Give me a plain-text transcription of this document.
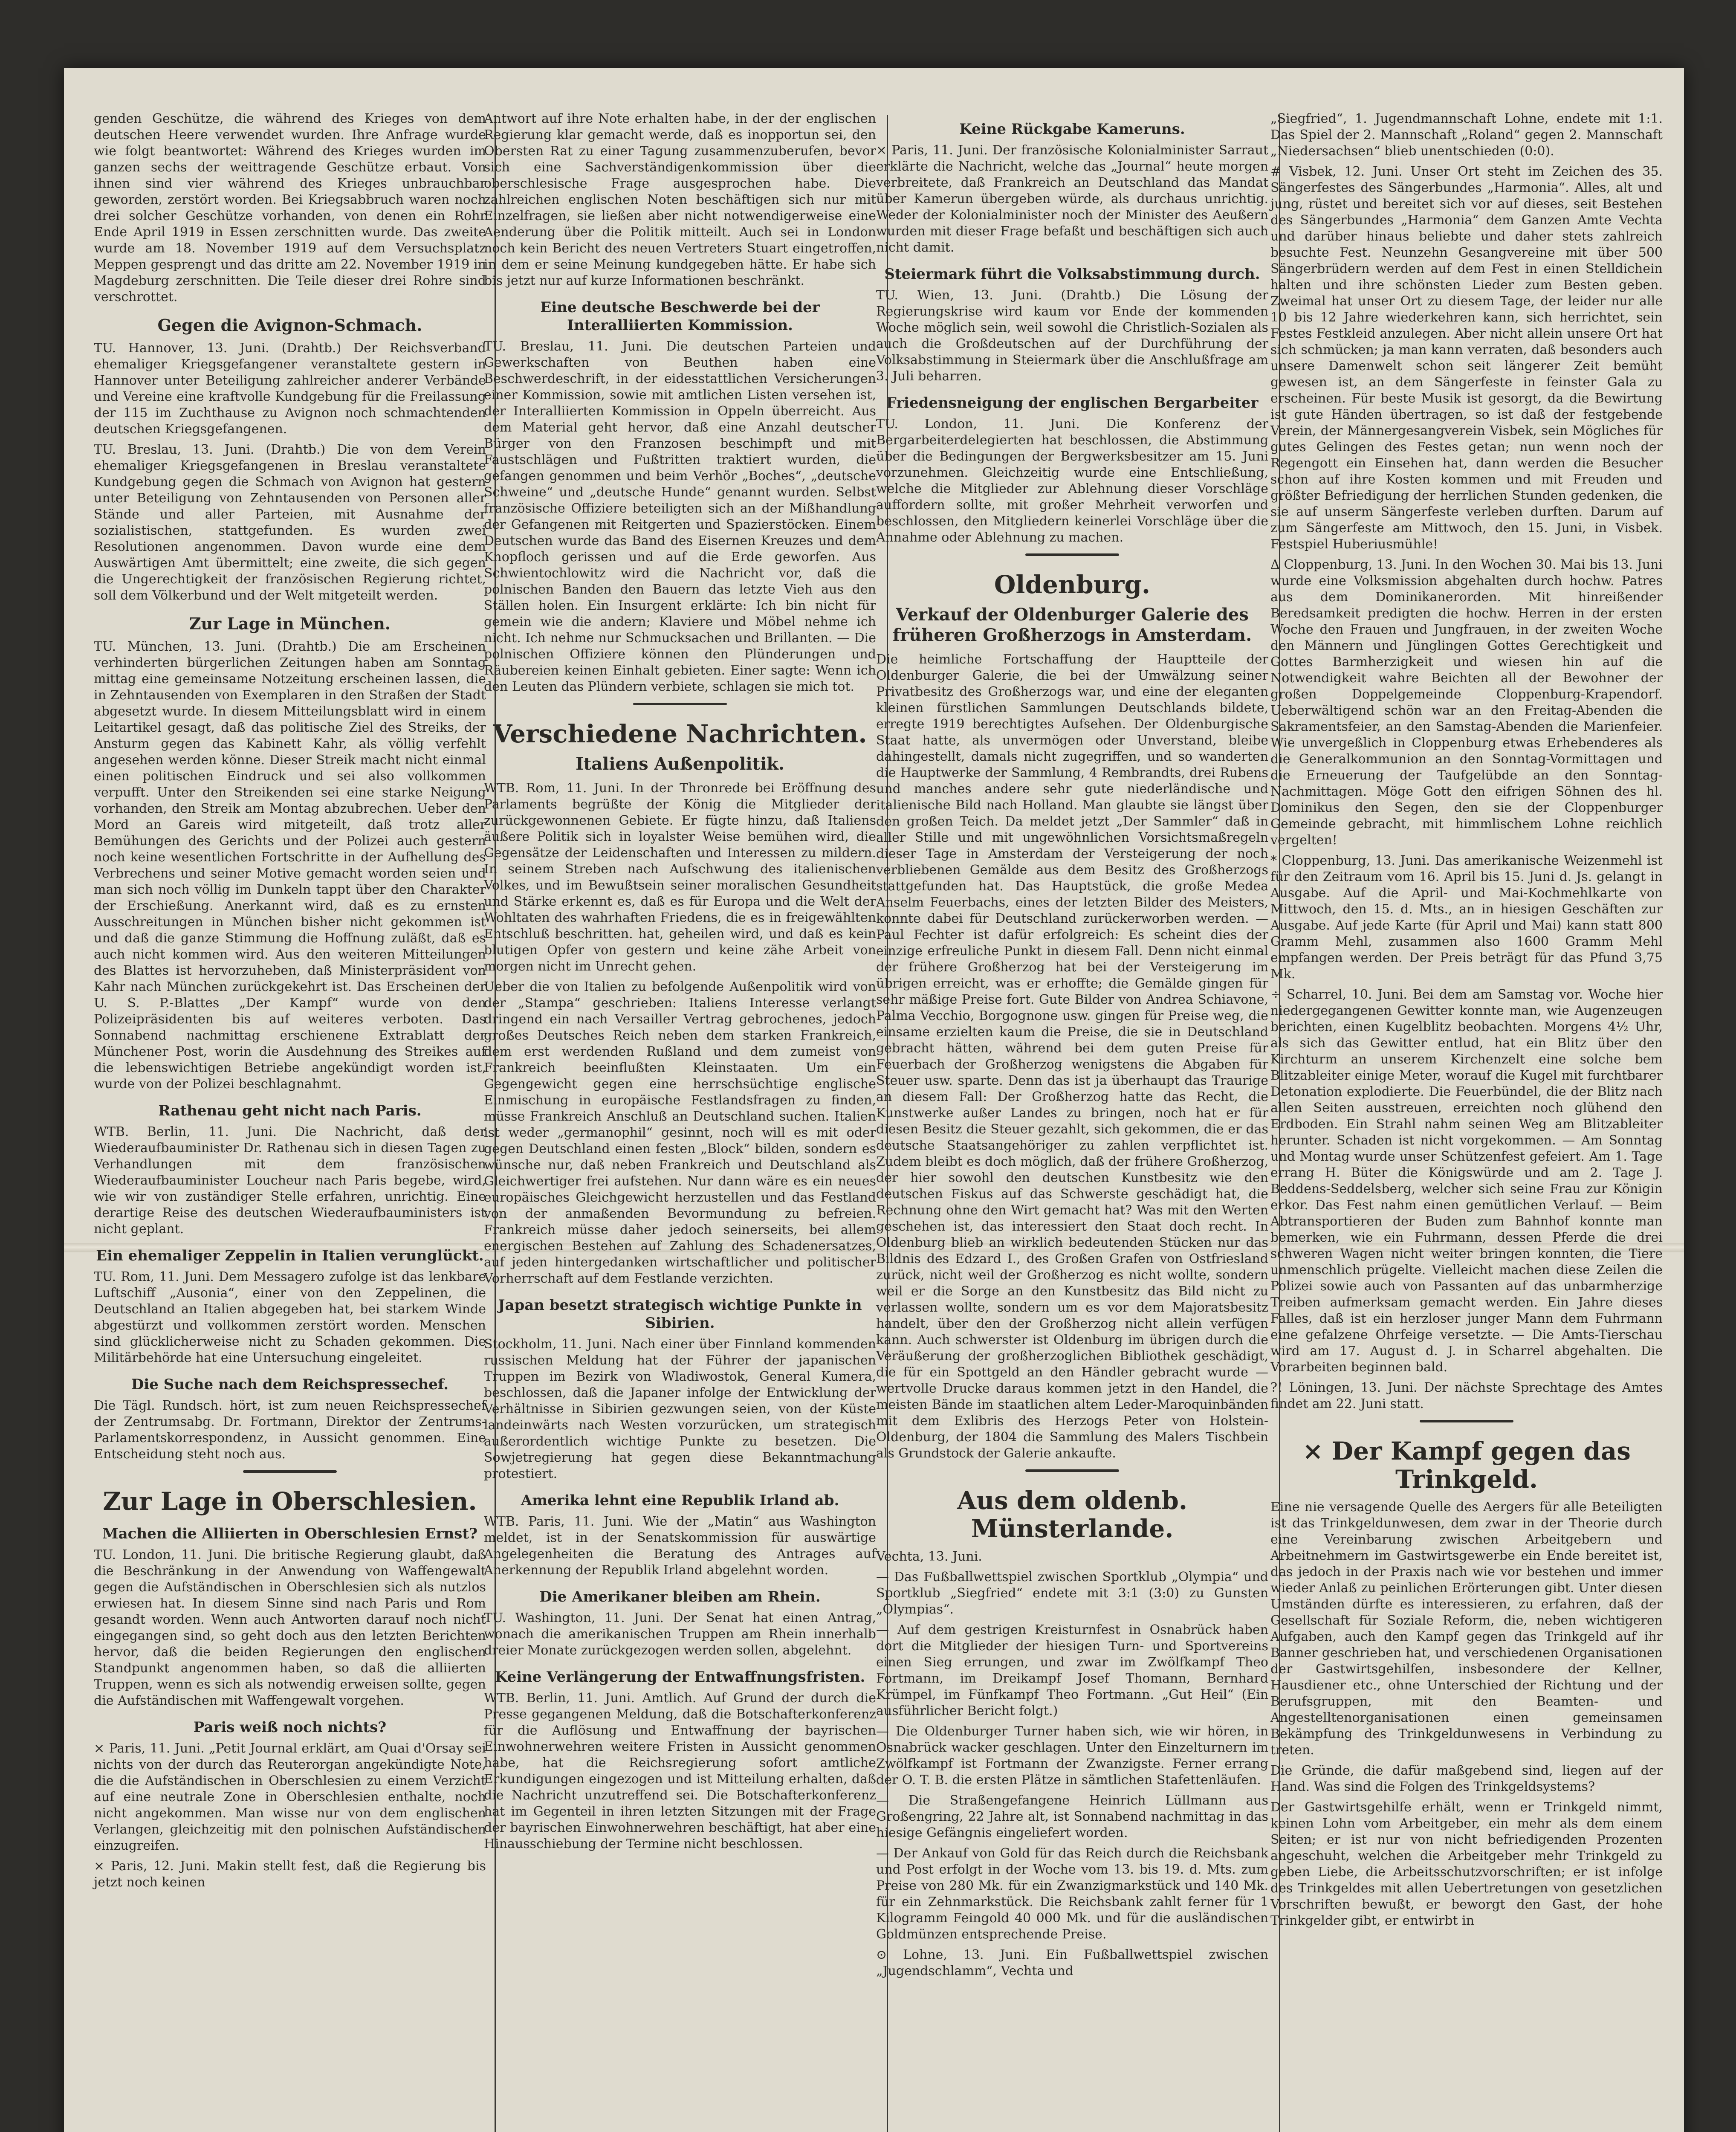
genden Geschütze, die während des Krieges von dem deutschen Heere verwendet wurden. Ihre Anfrage wurde wie folgt beantwortet: Während des Krieges wurden im ganzen sechs der weittragende Geschütze erbaut. Von ihnen sind vier während des Krieges unbrauchbar geworden, zerstört worden. Bei Kriegsabbruch waren noch drei solcher Geschütze vorhanden, von denen ein Rohr Ende April 1919 in Essen zerschnitten wurde. Das zweite wurde am 18. November 1919 auf dem Versuchsplatz Meppen gesprengt und das dritte am 22. November 1919 in Magdeburg zerschnitten. Die Teile dieser drei Rohre sind verschrottet.

Gegen die Avignon-Schmach.

TU. Hannover, 13. Juni. (Drahtb.) Der Reichsverband ehemaliger Kriegsgefangener veranstaltete gestern in Hannover unter Beteiligung zahlreicher anderer Verbände und Vereine eine kraftvolle Kundgebung für die Freilassung der 115 im Zuchthause zu Avignon noch schmachtenden deutschen Kriegsgefangenen.

TU. Breslau, 13. Juni. (Drahtb.) Die von dem Verein ehemaliger Kriegsgefangenen in Breslau veranstaltete Kundgebung gegen die Schmach von Avignon hat gestern unter Beteiligung von Zehntausenden von Personen aller Stände und aller Parteien, mit Ausnahme der sozialistischen, stattgefunden. Es wurden zwei Resolutionen angenommen. Davon wurde eine dem Auswärtigen Amt übermittelt; eine zweite, die sich gegen die Ungerechtigkeit der französischen Regierung richtet, soll dem Völkerbund und der Welt mitgeteilt werden.

Zur Lage in München.

TU. München, 13. Juni. (Drahtb.) Die am Erscheinen verhinderten bürgerlichen Zeitungen haben am Sonntag mittag eine gemeinsame Notzeitung erscheinen lassen, die in Zehntausenden von Exemplaren in den Straßen der Stadt abgesetzt wurde. In diesem Mitteilungsblatt wird in einem Leitartikel gesagt, daß das politische Ziel des Streiks, der Ansturm gegen das Kabinett Kahr, als völlig verfehlt angesehen werden könne. Dieser Streik macht nicht einmal einen politischen Eindruck und sei also vollkommen verpufft. Unter den Streikenden sei eine starke Neigung vorhanden, den Streik am Montag abzubrechen. Ueber den Mord an Gareis wird mitgeteilt, daß trotz aller Bemühungen des Gerichts und der Polizei auch gestern noch keine wesentlichen Fortschritte in der Aufhellung des Verbrechens und seiner Motive gemacht worden seien und man sich noch völlig im Dunkeln tappt über den Charakter der Erschießung. Anerkannt wird, daß es zu ernsten Ausschreitungen in München bisher nicht gekommen ist und daß die ganze Stimmung die Hoffnung zuläßt, daß es auch nicht kommen wird. Aus den weiteren Mitteilungen des Blattes ist hervorzuheben, daß Ministerpräsident von Kahr nach München zurückgekehrt ist. Das Erscheinen der U. S. P.-Blattes „Der Kampf“ wurde von den Polizeipräsidenten bis auf weiteres verboten. Das Sonnabend nachmittag erschienene Extrablatt der Münchener Post, worin die Ausdehnung des Streikes auf die lebenswichtigen Betriebe angekündigt worden ist, wurde von der Polizei beschlagnahmt.

Rathenau geht nicht nach Paris.

WTB. Berlin, 11. Juni. Die Nachricht, daß der Wiederaufbauminister Dr. Rathenau sich in diesen Tagen zu Verhandlungen mit dem französischen Wiederaufbauminister Loucheur nach Paris begebe, wird, wie wir von zuständiger Stelle erfahren, unrichtig. Eine derartige Reise des deutschen Wiederaufbauministers ist nicht geplant.

Ein ehemaliger Zeppelin in Italien verunglückt.

TU. Rom, 11. Juni. Dem Messagero zufolge ist das lenkbare Luftschiff „Ausonia“, einer von den Zeppelinen, die Deutschland an Italien abgegeben hat, bei starkem Winde abgestürzt und vollkommen zerstört worden. Menschen sind glücklicherweise nicht zu Schaden gekommen. Die Militärbehörde hat eine Untersuchung eingeleitet.

Die Suche nach dem Reichspressechef.

Die Tägl. Rundsch. hört, ist zum neuen Reichspressechef der Zentrumsabg. Dr. Fortmann, Direktor der Zentrums-Parlamentskorrespondenz, in Aussicht genommen. Eine Entscheidung steht noch aus.

Zur Lage in Oberschlesien.
Machen die Alliierten in Oberschlesien Ernst?

TU. London, 11. Juni. Die britische Regierung glaubt, daß die Beschränkung in der Anwendung von Waffengewalt gegen die Aufständischen in Oberschlesien sich als nutzlos erwiesen hat. In diesem Sinne sind nach Paris und Rom gesandt worden. Wenn auch Antworten darauf noch nicht eingegangen sind, so geht doch aus den letzten Berichten hervor, daß die beiden Regierungen den englischen Standpunkt angenommen haben, so daß die alliierten Truppen, wenn es sich als notwendig erweisen sollte, gegen die Aufständischen mit Waffengewalt vorgehen.

Paris weiß noch nichts?

× Paris, 11. Juni. „Petit Journal erklärt, am Quai d'Orsay sei nichts von der durch das Reuterorgan angekündigte Note, die die Aufständischen in Oberschlesien zu einem Verzicht auf eine neutrale Zone in Oberschlesien enthalte, noch nicht angekommen. Man wisse nur von dem englischen Verlangen, gleichzeitig mit den polnischen Aufständischen einzugreifen.

× Paris, 12. Juni. Makin stellt fest, daß die Regierung bis jetzt noch keinen

Antwort auf ihre Note erhalten habe, in der der englischen Regierung klar gemacht werde, daß es inopportun sei, den Obersten Rat zu einer Tagung zusammenzuberufen, bevor sich eine Sachverständigenkommission über die oberschlesische Frage ausgesprochen habe. Die zahlreichen englischen Noten beschäftigen sich nur mit Einzelfragen, sie ließen aber nicht notwendigerweise eine Aenderung über die Politik mitteilt. Auch sei in London noch kein Bericht des neuen Vertreters Stuart eingetroffen, in dem er seine Meinung kundgegeben hätte. Er habe sich bis jetzt nur auf kurze Informationen beschränkt.

Eine deutsche Beschwerde bei der Interalliierten Kommission.

TU. Breslau, 11. Juni. Die deutschen Parteien und Gewerkschaften von Beuthen haben eine Beschwerdeschrift, in der eidesstattlichen Versicherungen einer Kommission, sowie mit amtlichen Listen versehen ist, der Interalliierten Kommission in Oppeln überreicht. Aus dem Material geht hervor, daß eine Anzahl deutscher Bürger von den Franzosen beschimpft und mit Faustschlägen und Fußtritten traktiert wurden, die gefangen genommen und beim Verhör „Boches“, „deutsche Schweine“ und „deutsche Hunde“ genannt wurden. Selbst französische Offiziere beteiligten sich an der Mißhandlung der Gefangenen mit Reitgerten und Spazierstöcken. Einem Deutschen wurde das Band des Eisernen Kreuzes und dem Knopfloch gerissen und auf die Erde geworfen. Aus Schwientochlowitz wird die Nachricht vor, daß die polnischen Banden den Bauern das letzte Vieh aus den Ställen holen. Ein Insurgent erklärte: Ich bin nicht für gemein wie die andern; Klaviere und Möbel nehme ich nicht. Ich nehme nur Schmucksachen und Brillanten. — Die polnischen Offiziere können den Plünderungen und Räubereien keinen Einhalt gebieten. Einer sagte: Wenn ich den Leuten das Plündern verbiete, schlagen sie mich tot.

Verschiedene Nachrichten.
Italiens Außenpolitik.

WTB. Rom, 11. Juni. In der Thronrede bei Eröffnung des Parlaments begrüßte der König die Mitglieder der zurückgewonnenen Gebiete. Er fügte hinzu, daß Italiens äußere Politik sich in loyalster Weise bemühen wird, die Gegensätze der Leidenschaften und Interessen zu mildern. In seinem Streben nach Aufschwung des italienischen Volkes, und im Bewußtsein seiner moralischen Gesundheit und Stärke erkennt es, daß es für Europa und die Welt der Wohltaten des wahrhaften Friedens, die es in freigewählten Entschluß beschritten. hat, geheilen wird, und daß es kein blutigen Opfer von gestern und keine zähe Arbeit von morgen nicht im Unrecht gehen.

Ueber die von Italien zu befolgende Außenpolitik wird von der „Stampa“ geschrieben: Italiens Interesse verlangt dringend ein nach Versailler Vertrag gebrochenes, jedoch großes Deutsches Reich neben dem starken Frankreich, dem erst werdenden Rußland und dem zumeist von Frankreich beeinflußten Kleinstaaten. Um ein Gegengewicht gegen eine herrschsüchtige englische Einmischung in europäische Festlandsfragen zu finden, müsse Frankreich Anschluß an Deutschland suchen. Italien ist weder „germanophil“ gesinnt, noch will es mit oder gegen Deutschland einen festen „Block“ bilden, sondern es wünsche nur, daß neben Frankreich und Deutschland als Gleichwertiger frei aufstehen. Nur dann wäre es ein neues europäisches Gleichgewicht herzustellen und das Festland von der anmaßenden Bevormundung zu befreien. Frankreich müsse daher jedoch seinerseits, bei allem energischen Bestehen auf Zahlung des Schadenersatzes, auf jeden hintergedanken wirtschaftlicher und politischer Vorherrschaft auf dem Festlande verzichten.

Japan besetzt strategisch wichtige Punkte in Sibirien.

Stockholm, 11. Juni. Nach einer über Finnland kommenden russischen Meldung hat der Führer der japanischen Truppen im Bezirk von Wladiwostok, General Kumera, beschlossen, daß die Japaner infolge der Entwicklung der Verhältnisse in Sibirien gezwungen seien, von der Küste landeinwärts nach Westen vorzurücken, um strategisch außerordentlich wichtige Punkte zu besetzen. Die Sowjetregierung hat gegen diese Bekanntmachung protestiert.

Amerika lehnt eine Republik Irland ab.

WTB. Paris, 11. Juni. Wie der „Matin“ aus Washington meldet, ist in der Senatskommission für auswärtige Angelegenheiten die Beratung des Antrages auf Anerkennung der Republik Irland abgelehnt worden.

Die Amerikaner bleiben am Rhein.

TU. Washington, 11. Juni. Der Senat hat einen Antrag, wonach die amerikanischen Truppen am Rhein innerhalb dreier Monate zurückgezogen werden sollen, abgelehnt.

Keine Verlängerung der Entwaffnungsfristen.

WTB. Berlin, 11. Juni. Amtlich. Auf Grund der durch die Presse gegangenen Meldung, daß die Botschafterkonferenz für die Auflösung und Entwaffnung der bayrischen Einwohnerwehren weitere Fristen in Aussicht genommen habe, hat die Reichsregierung sofort amtliche Erkundigungen eingezogen und ist Mitteilung erhalten, daß die Nachricht unzutreffend sei. Die Botschafterkonferenz hat im Gegenteil in ihren letzten Sitzungen mit der Frage der bayrischen Einwohnerwehren beschäftigt, hat aber eine Hinausschiebung der Termine nicht beschlossen.

Keine Rückgabe Kameruns.

× Paris, 11. Juni. Der französische Kolonialminister Sarraut erklärte die Nachricht, welche das „Journal“ heute morgen verbreitete, daß Frankreich an Deutschland das Mandat über Kamerun übergeben würde, als durchaus unrichtig. Weder der Kolonialminister noch der Minister des Aeußern wurden mit dieser Frage befaßt und beschäftigen sich auch nicht damit.

Steiermark führt die Volksabstimmung durch.

TU. Wien, 13. Juni. (Drahtb.) Die Lösung der Regierungskrise wird kaum vor Ende der kommenden Woche möglich sein, weil sowohl die Christlich-Sozialen als auch die Großdeutschen auf der Durchführung der Volksabstimmung in Steiermark über die Anschlußfrage am 3. Juli beharren.

Friedensneigung der englischen Bergarbeiter

TU. London, 11. Juni. Die Konferenz der Bergarbeiterdelegierten hat beschlossen, die Abstimmung über die Bedingungen der Bergwerksbesitzer am 15. Juni vorzunehmen. Gleichzeitig wurde eine Entschließung, welche die Mitglieder zur Ablehnung dieser Vorschläge auffordern sollte, mit großer Mehrheit verworfen und beschlossen, den Mitgliedern keinerlei Vorschläge über die Annahme oder Ablehnung zu machen.

Oldenburg.
Verkauf der Oldenburger Galerie des früheren Großherzogs in Amsterdam.

Die heimliche Fortschaffung der Hauptteile der Oldenburger Galerie, die bei der Umwälzung seiner Privatbesitz des Großherzogs war, und eine der eleganten kleinen fürstlichen Sammlungen Deutschlands bildete, erregte 1919 berechtigtes Aufsehen. Der Oldenburgische Staat hatte, als unvermögen oder Unverstand, bleibe dahingestellt, damals nicht zugegriffen, und so wanderten die Hauptwerke der Sammlung, 4 Rembrandts, drei Rubens und manches andere sehr gute niederländische und italienische Bild nach Holland. Man glaubte sie längst über den großen Teich. Da meldet jetzt „Der Sammler“ daß in aller Stille und mit ungewöhnlichen Vorsichtsmaßregeln dieser Tage in Amsterdam der Versteigerung der noch verbliebenen Gemälde aus dem Besitz des Großherzogs stattgefunden hat. Das Hauptstück, die große Medea Anselm Feuerbachs, eines der letzten Bilder des Meisters, konnte dabei für Deutschland zurückerworben werden. — Paul Fechter ist dafür erfolgreich: Es scheint dies der einzige erfreuliche Punkt in diesem Fall. Denn nicht einmal der frühere Großherzog hat bei der Versteigerung im übrigen erreicht, was er erhoffte; die Gemälde gingen für sehr mäßige Preise fort. Gute Bilder von Andrea Schiavone, Palma Vecchio, Borgognone usw. gingen für Preise weg, die einsame erzielten kaum die Preise, die sie in Deutschland gebracht hätten, während bei dem guten Preise für Feuerbach der Großherzog wenigstens die Abgaben für Steuer usw. sparte. Denn das ist ja überhaupt das Traurige an diesem Fall: Der Großherzog hatte das Recht, die Kunstwerke außer Landes zu bringen, noch hat er für diesen Besitz die Steuer gezahlt, sich gekommen, die er das deutsche Staatsangehöriger zu zahlen verpflichtet ist. Zudem bleibt es doch möglich, daß der frühere Großherzog, der hier sowohl den deutschen Kunstbesitz wie den deutschen Fiskus auf das Schwerste geschädigt hat, die Rechnung ohne den Wirt gemacht hat? Was mit den Werten geschehen ist, das interessiert den Staat doch recht. In Oldenburg blieb an wirklich bedeutenden Stücken nur das Bildnis des Edzard I., des Großen Grafen von Ostfriesland zurück, nicht weil der Großherzog es nicht wollte, sondern weil er die Sorge an den Kunstbesitz das Bild nicht zu verlassen wollte, sondern um es vor dem Majoratsbesitz handelt, über den der Großherzog nicht allein verfügen kann. Auch schwerster ist Oldenburg im übrigen durch die Veräußerung der großherzoglichen Bibliothek geschädigt, die für ein Spottgeld an den Händler gebracht wurde — wertvolle Drucke daraus kommen jetzt in den Handel, die meisten Bände im staatlichen altem Leder-Maroquinbänden mit dem Exlibris des Herzogs Peter von Holstein-Oldenburg, der 1804 die Sammlung des Malers Tischbein als Grundstock der Galerie ankaufte.

Aus dem oldenb. Münsterlande.

Vechta, 13. Juni.

— Das Fußballwettspiel zwischen Sportklub „Olympia“ und Sportklub „Siegfried“ endete mit 3:1 (3:0) zu Gunsten „Olympias“.

— Auf dem gestrigen Kreisturnfest in Osnabrück haben dort die Mitglieder der hiesigen Turn- und Sportvereins einen Sieg errungen, und zwar im Zwölfkampf Theo Fortmann, im Dreikampf Josef Thomann, Bernhard Krümpel, im Fünfkampf Theo Fortmann. „Gut Heil“ (Ein ausführlicher Bericht folgt.)

— Die Oldenburger Turner haben sich, wie wir hören, in Osnabrück wacker geschlagen. Unter den Einzelturnern im Zwölfkampf ist Fortmann der Zwanzigste. Ferner errang der O. T. B. die ersten Plätze in sämtlichen Stafettenläufen.

— Die Straßengefangene Heinrich Lüllmann aus Großengring, 22 Jahre alt, ist Sonnabend nachmittag in das hiesige Gefängnis eingeliefert worden.

— Der Ankauf von Gold für das Reich durch die Reichsbank und Post erfolgt in der Woche vom 13. bis 19. d. Mts. zum Preise von 280 Mk. für ein Zwanzigmarkstück und 140 Mk. für ein Zehnmarkstück. Die Reichsbank zahlt ferner für 1 Kilogramm Feingold 40 000 Mk. und für die ausländischen Goldmünzen entsprechende Preise.

⊙ Lohne, 13. Juni. Ein Fußballwettspiel zwischen „Jugendschlamm“, Vechta und

„Siegfried“, 1. Jugendmannschaft Lohne, endete mit 1:1. Das Spiel der 2. Mannschaft „Roland“ gegen 2. Mannschaft „Niedersachsen“ blieb unentschieden (0:0).

# Visbek, 12. Juni. Unser Ort steht im Zeichen des 35. Sängerfestes des Sängerbundes „Harmonia“. Alles, alt und jung, rüstet und bereitet sich vor auf dieses, seit Bestehen des Sängerbundes „Harmonia“ dem Ganzen Amte Vechta und darüber hinaus beliebte und daher stets zahlreich besuchte Fest. Neunzehn Gesangvereine mit über 500 Sängerbrüdern werden auf dem Fest in einen Stelldichein halten und ihre schönsten Lieder zum Besten geben. Zweimal hat unser Ort zu diesem Tage, der leider nur alle 10 bis 12 Jahre wiederkehren kann, sich herrichtet, sein Festes Festkleid anzulegen. Aber nicht allein unsere Ort hat sich schmücken; ja man kann verraten, daß besonders auch unsere Damenwelt schon seit längerer Zeit bemüht gewesen ist, an dem Sängerfeste in feinster Gala zu erscheinen. Für beste Musik ist gesorgt, da die Bewirtung ist gute Händen übertragen, so ist daß der festgebende Verein, der Männergesangverein Visbek, sein Mögliches für gutes Gelingen des Festes getan; nun wenn noch der Regengott ein Einsehen hat, dann werden die Besucher schon auf ihre Kosten kommen und mit Freuden und größter Befriedigung der herrlichen Stunden gedenken, die sie auf unserm Sängerfeste verleben durften. Darum auf zum Sängerfeste am Mittwoch, den 15. Juni, in Visbek. Festspiel Huberiusmühle!

Δ Cloppenburg, 13. Juni. In den Wochen 30. Mai bis 13. Juni wurde eine Volksmission abgehalten durch hochw. Patres aus dem Dominikanerorden. Mit hinreißender Beredsamkeit predigten die hochw. Herren in der ersten Woche den Frauen und Jungfrauen, in der zweiten Woche den Männern und Jünglingen Gottes Gerechtigkeit und Gottes Barmherzigkeit und wiesen hin auf die Notwendigkeit wahre Beichten all der Bewohner der großen Doppelgemeinde Cloppenburg-Krapendorf. Ueberwältigend schön war an den Freitag-Abenden die Sakramentsfeier, an den Samstag-Abenden die Marienfeier. Wie unvergeßlich in Cloppenburg etwas Erhebenderes als die Generalkommunion an den Sonntag-Vormittagen und die Erneuerung der Taufgelübde an den Sonntag-Nachmittagen. Möge Gott den eifrigen Söhnen des hl. Dominikus den Segen, den sie der Cloppenburger Gemeinde gebracht, mit himmlischem Lohne reichlich vergelten!

* Cloppenburg, 13. Juni. Das amerikanische Weizenmehl ist für den Zeitraum vom 16. April bis 15. Juni d. Js. gelangt in Ausgabe. Auf die April- und Mai-Kochmehlkarte von Mittwoch, den 15. d. Mts., an in hiesigen Geschäften zur Ausgabe. Auf jede Karte (für April und Mai) kann statt 800 Gramm Mehl, zusammen also 1600 Gramm Mehl empfangen werden. Der Preis beträgt für das Pfund 3,75 Mk.

÷ Scharrel, 10. Juni. Bei dem am Samstag vor. Woche hier niedergegangenen Gewitter konnte man, wie Augenzeugen berichten, einen Kugelblitz beobachten. Morgens 4½ Uhr, als sich das Gewitter entlud, hat ein Blitz über den Kirchturm an unserem Kirchenzelt eine solche bem Blitzableiter einige Meter, worauf die Kugel mit furchtbarer Detonation explodierte. Die Feuerbündel, die der Blitz nach allen Seiten ausstreuen, erreichten noch glühend den Erdboden. Ein Strahl nahm seinen Weg am Blitzableiter herunter. Schaden ist nicht vorgekommen. — Am Sonntag und Montag wurde unser Schützenfest gefeiert. Am 1. Tage errang H. Büter die Königswürde und am 2. Tage J. Beddens-Seddelsberg, welcher sich seine Frau zur Königin erkor. Das Fest nahm einen gemütlichen Verlauf. — Beim Abtransportieren der Buden zum Bahnhof konnte man bemerken, wie ein Fuhrmann, dessen Pferde die drei schweren Wagen nicht weiter bringen konnten, die Tiere unmenschlich prügelte. Vielleicht machen diese Zeilen die Polizei sowie auch von Passanten auf das unbarmherzige Treiben aufmerksam gemacht werden. Ein Jahre dieses Falles, daß ist ein herzloser junger Mann dem Fuhrmann eine gefalzene Ohrfeige versetzte. — Die Amts-Tierschau wird am 17. August d. J. in Scharrel abgehalten. Die Vorarbeiten beginnen bald.

?! Löningen, 13. Juni. Der nächste Sprechtage des Amtes findet am 22. Juni statt.

× Der Kampf gegen das Trinkgeld.

Eine nie versagende Quelle des Aergers für alle Beteiligten ist das Trinkgeldunwesen, dem zwar in der Theorie durch eine Vereinbarung zwischen Arbeitgebern und Arbeitnehmern im Gastwirtsgewerbe ein Ende bereitet ist, das jedoch in der Praxis nach wie vor bestehen und immer wieder Anlaß zu peinlichen Erörterungen gibt. Unter diesen Umständen dürfte es interessieren, zu erfahren, daß der Gesellschaft für Soziale Reform, die, neben wichtigeren Aufgaben, auch den Kampf gegen das Trinkgeld auf ihr Banner geschrieben hat, und verschiedenen Organisationen der Gastwirtsgehilfen, insbesondere der Kellner, Hausdiener etc., ohne Unterschied der Richtung und der Berufsgruppen, mit den Beamten- und Angestelltenorganisationen einen gemeinsamen Bekämpfung des Trinkgeldunwesens in Verbindung zu treten.

Die Gründe, die dafür maßgebend sind, liegen auf der Hand. Was sind die Folgen des Trinkgeldsystems?

Der Gastwirtsgehilfe erhält, wenn er Trinkgeld nimmt, keinen Lohn vom Arbeitgeber, ein mehr als dem einem Seiten; er ist nur von nicht befriedigenden Prozenten angeschuht, welchen die Arbeitgeber mehr Trinkgeld zu geben Liebe, die Arbeitsschutzvorschriften; er ist infolge des Trinkgeldes mit allen Uebertretungen von gesetzlichen Vorschriften bewußt, er beworgt den Gast, der hohe Trinkgelder gibt, er entwirbt in
